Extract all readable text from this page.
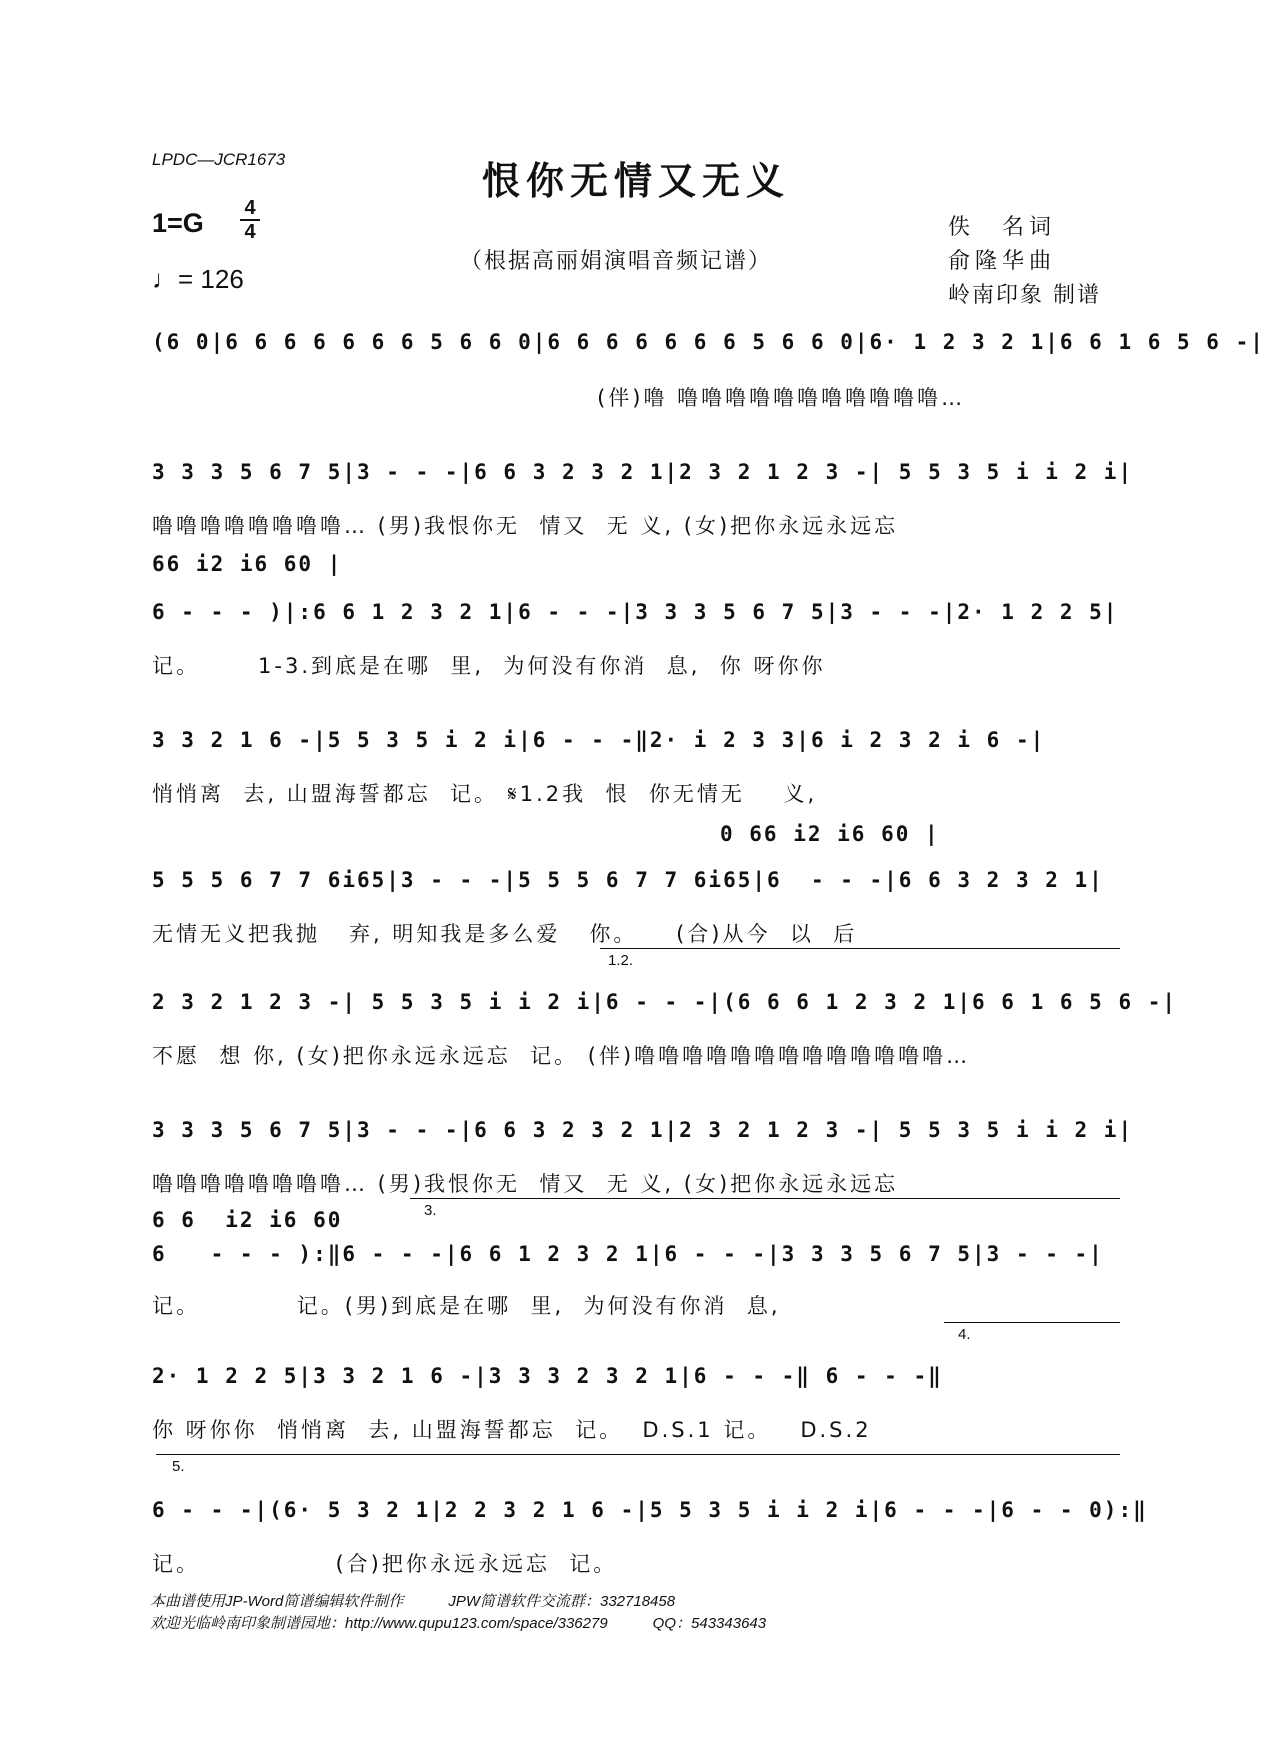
LPDC—JCR1673	恨你无情又无义
1=G	4
4
♩= 126
（根据高丽娟演唱音频记谱）
佚　名词
俞隆华曲
岭南印象 制谱
(6 0|6 6 6 6 6 6 6 5 6 6 0|6 6 6 6 6 6 6 5 6 6 0|6· 1 2 3 2 1|6 6 1 6 5 6 -|
(伴)噜 噜噜噜噜噜噜噜噜噜噜噜…
3 3 3 5 6 7 5|3 - - -|6 6 3 2 3 2 1|2 3 2 1 2 3 -| 5 5 3 5 i i 2 i|
噜噜噜噜噜噜噜噜… (男)我恨你无  情又  无 义, (女)把你永远永远忘
66 i2 i6 60 |
6 - - - )|:6 6 1 2 3 2 1|6 - - -|3 3 3 5 6 7 5|3 - - -|2· 1 2 2 5|
记。      1-3.到底是在哪  里,  为何没有你消  息,  你 呀你你
3 3 2 1 6 -|5 5 3 5 i 2 i|6 - - -‖2· i 2 3 3|6 i 2 3 2 i 6 -|
悄悄离  去, 山盟海誓都忘  记。 𝄋1.2我  恨  你无情无    义,
0 66 i2 i6 60 |
5 5 5 6 7 7 6i65|3 - - -|5 5 5 6 7 7 6i65|6  - - -|6 6 3 2 3 2 1|
无情无义把我抛   弃, 明知我是多么爱   你。    (合)从今  以  后
1.2.
2 3 2 1 2 3 -| 5 5 3 5 i i 2 i|6 - - -|(6 6 6 1 2 3 2 1|6 6 1 6 5 6 -|
不愿  想 你, (女)把你永远永远忘  记。 (伴)噜噜噜噜噜噜噜噜噜噜噜噜噜…
3 3 3 5 6 7 5|3 - - -|6 6 3 2 3 2 1|2 3 2 1 2 3 -| 5 5 3 5 i i 2 i|
噜噜噜噜噜噜噜噜… (男)我恨你无  情又  无 义, (女)把你永远永远忘
6 6  i2 i6 60	3.
6   - - - ):‖6 - - -|6 6 1 2 3 2 1|6 - - -|3 3 3 5 6 7 5|3 - - -|
记。          记。(男)到底是在哪  里,  为何没有你消  息,
4.
2· 1 2 2 5|3 3 2 1 6 -|3 3 3 2 3 2 1|6 - - -‖ 6 - - -‖
你 呀你你  悄悄离  去, 山盟海誓都忘  记。  D.S.1 记。   D.S.2
5.
6 - - -|(6· 5 3 2 1|2 2 3 2 1 6 -|5 5 3 5 i i 2 i|6 - - -|6 - - 0):‖
记。              (合)把你永远永远忘  记。
本曲谱使用JP-Word简谱编辑软件制作　　　JPW简谱软件交流群：332718458
欢迎光临岭南印象制谱园地：http://www.qupu123.com/space/336279　　　QQ：543343643
